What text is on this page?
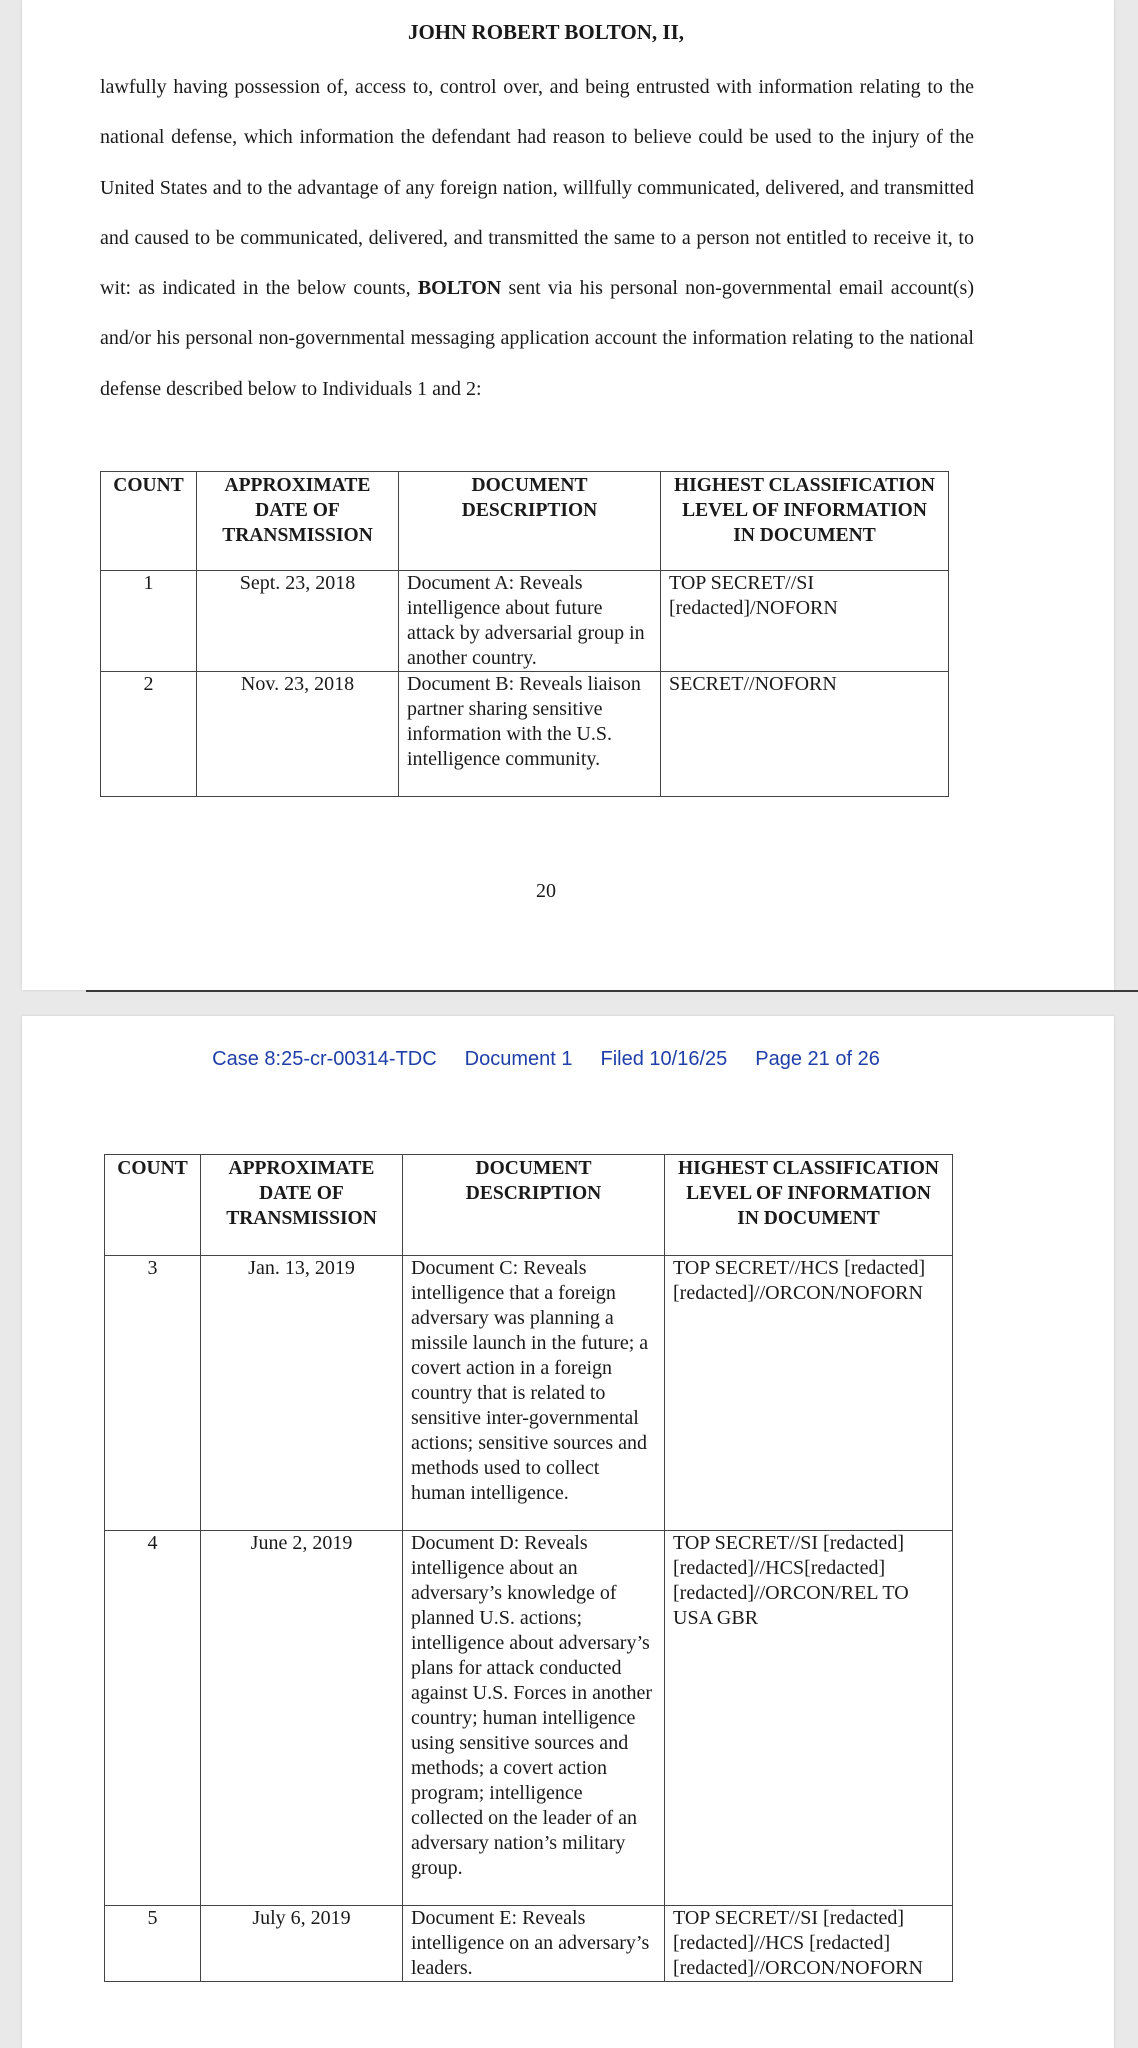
JOHN ROBERT BOLTON, II,

lawfully having possession of, access to, control over, and being entrusted with information relating to the national defense, which information the defendant had reason to believe could be used to the injury of the United States and to the advantage of any foreign nation, willfully communicated, delivered, and transmitted and caused to be communicated, delivered, and transmitted the same to a person not entitled to receive it, to wit: as indicated in the below counts, BOLTON sent via his personal non-governmental email account(s) and/or his personal non-governmental messaging application account the information relating to the national defense described below to Individuals 1 and 2:

COUNT	APPROXIMATE DATE OF TRANSMISSION	DOCUMENT DESCRIPTION	HIGHEST CLASSIFICATION LEVEL OF INFORMATION IN DOCUMENT
1	Sept. 23, 2018	Document A: Reveals intelligence about future attack by adversarial group in another country.	TOP SECRET//SI [redacted]/NOFORN
2	Nov. 23, 2018	Document B: Reveals liaison partner sharing sensitive information with the U.S. intelligence community.	SECRET//NOFORN
20
Case 8:25-cr-00314-TDC Document 1 Filed 10/16/25 Page 21 of 26
COUNT	APPROXIMATE DATE OF TRANSMISSION	DOCUMENT DESCRIPTION	HIGHEST CLASSIFICATION LEVEL OF INFORMATION IN DOCUMENT
3	Jan. 13, 2019	Document C: Reveals intelligence that a foreign adversary was planning a missile launch in the future; a covert action in a foreign country that is related to sensitive inter-governmental actions; sensitive sources and methods used to collect human intelligence.	TOP SECRET//HCS [redacted] [redacted]//ORCON/NOFORN
4	June 2, 2019	Document D: Reveals intelligence about an adversary’s knowledge of planned U.S. actions; intelligence about adversary’s plans for attack conducted against U.S. Forces in another country; human intelligence using sensitive sources and methods; a covert action program; intelligence collected on the leader of an adversary nation’s military group.	TOP SECRET//SI [redacted] [redacted]//HCS[redacted] [redacted]//ORCON/REL TO USA GBR
5	July 6, 2019	Document E: Reveals intelligence on an adversary’s leaders.	TOP SECRET//SI [redacted] [redacted]//HCS [redacted] [redacted]//ORCON/NOFORN
